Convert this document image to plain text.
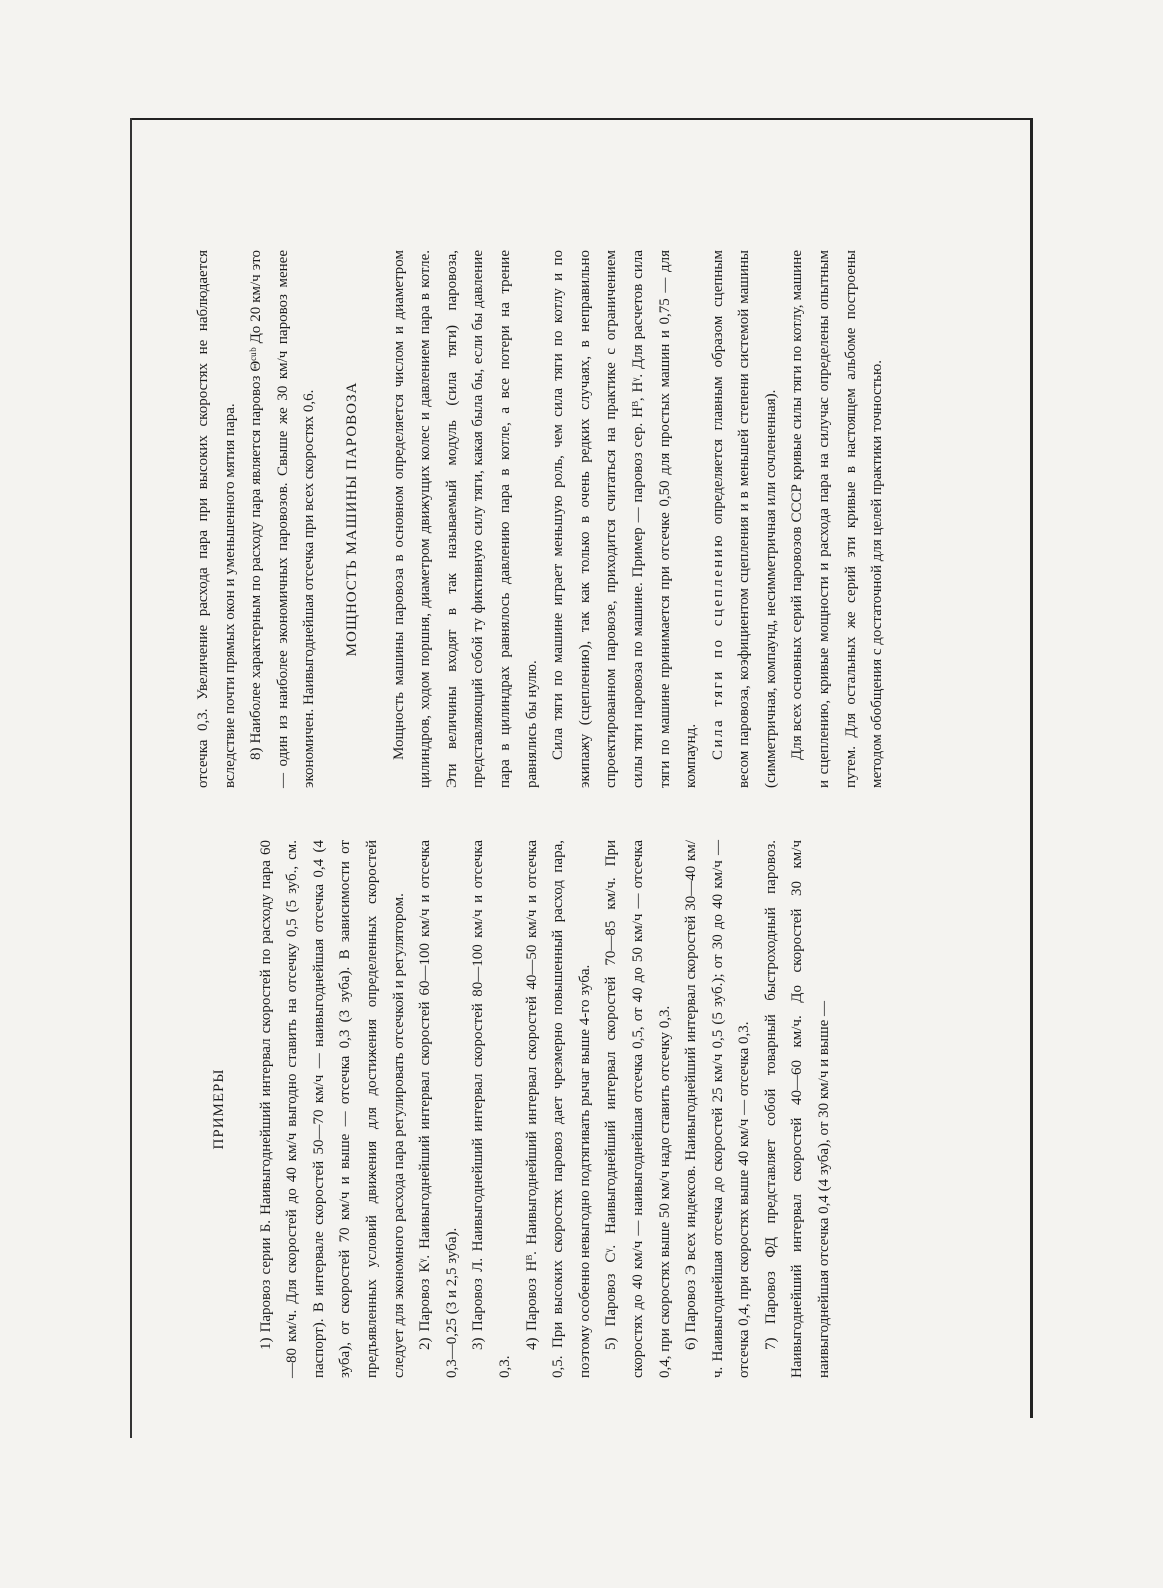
ПРИМЕРЫ	1) Паровоз серии Б. Наивыгоднейший интервал скоростей по расходу пара 60—80 км/ч. Для скоростей до 40 км/ч выгодно ставить на отсечку 0,5 (5 зуб., см. паспорт). В интервале скоростей 50—70 км/ч — наивыгоднейшая отсечка 0,4 (4 зуба), от скоростей 70 км/ч и выше — отсечка 0,3 (3 зуба). В зависимости от предъявленных условий движения для достижения определенных скоростей следует для экономного расхода пара регулировать отсечкой и регулятором. 2) Паровоз Кᵞ. Наивыгоднейший интервал скоростей 60—100 км/ч и отсечка 0,3—0,25 (3 и 2,5 зуба). 3) Паровоз Л. Наивыгоднейший интервал скоростей 80—100 км/ч и отсечка 0,3.

4) Паровоз Нᴮ. Наивыгоднейший интервал скоростей 40—50 км/ч и отсечка 0,5. При высоких скоростях паровоз дает чрезмерно повышенный расход пара, поэтому особенно невыгодно подтягивать рычаг выше 4-го зуба. 5) Паровоз Сᵞ. Наивыгоднейший интервал скоростей 70—85 км/ч. При скоростях до 40 км/ч — наивыгоднейшая отсечка 0,5, от 40 до 50 км/ч — отсечка 0,4, при скоростях выше 50 км/ч надо ставить отсечку 0,3. 6) Паровоз Э всех индексов. Наивыгоднейший интервал скоростей 30—40 км/ч. Наивыгоднейшая отсечка до скоростей 25 км/ч 0,5 (5 зуб.); от 30 до 40 км/ч — отсечка 0,4, при скоростях выше 40 км/ч — отсечка 0,3. 7) Паровоз ФД представляет собой товарный быстроходный паровоз. Наивыгоднейший интервал скоростей 40—60 км/ч. До скоростей 30 км/ч наивыгоднейшая отсечка 0,4 (4 зуба), от 30 км/ч и выше —

отсечка 0,3. Увеличение расхода пара при высоких скоростях не наблюдается вследствие почти прямых окон и уменьшенного мятия пара. 8) Наиболее характерным по расходу пара является паровоз Θᶜᵘᵇ До 20 км/ч это — один из наиболее экономичных паровозов. Свыше же 30 км/ч паровоз менее экономичен. Наивыгоднейшая отсечка при всех скоростях 0,6.	МОЩНОСТЬ МАШИНЫ ПАРОВОЗА	Мощность машины паровоза в основном определяется числом и диаметром цилиндров, ходом поршня, диаметром движущих колес и давлением пара в котле. Эти величины входят в так называемый модуль (сила тяги) паровоза, представляющий собой ту фиктивную силу тяги, какая была бы, если бы давление пара в цилиндрах равнялось давлению пара в котле, а все потери на трение равнялись бы нулю. Сила тяги по машине играет меньшую роль, чем сила тяги по котлу и по экипажу (сцеплению), так как только в очень редких случаях, в неправильно спроектированном паровозе, приходится считаться на практике с ограничением силы тяги паровоза по машине. Пример — паровоз сер. Нᴮ, Нᵞ. Для расчетов сила тяги по машине принимается при отсечке 0,50 для простых машин и 0,75 — для компаунд. Сила тяги по сцеплению определяется главным образом сцепным весом паровоза, коэфициентом сцепления и в меньшей степени системой машины (симметричная, компаунд, несимметричная или сочлененная). Для всех основных серий паровозов СССР кривые силы тяги по котлу, машине и сцеплению, кривые мощности и расхода пара на силучас определены опытным путем. Для остальных же серий эти кривые в настоящем альбоме построены методом обобщения с достаточной для целей практики точностью.
